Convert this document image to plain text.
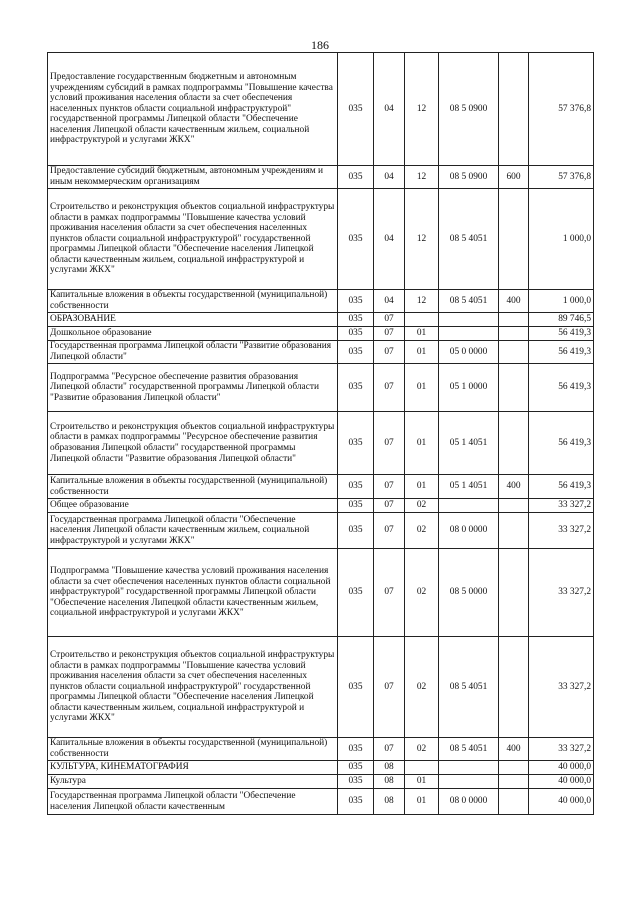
186
Предоставление государственным бюджетным и автономным учреждениям субсидий в рамках подпрограммы "Повышение качества условий проживания населения области за счет обеспечения населенных пунктов области социальной инфраструктурой" государственной программы Липецкой области "Обеспечение населения Липецкой области качественным жильем, социальной инфраструктурой и услугами ЖКХ"	035	04	12	08 5 0900		57 376,8
Предоставление субсидий бюджетным, автономным учреждениям и иным некоммерческим организациям	035	04	12	08 5 0900	600	57 376,8
Строительство и реконструкция объектов социальной инфраструктуры области в рамках подпрограммы "Повышение качества условий проживания населения области за счет обеспечения населенных пунктов области социальной инфраструктурой" государственной программы Липецкой области "Обеспечение населения Липецкой области качественным жильем, социальной инфраструктурой и услугами ЖКХ"	035	04	12	08 5 4051		1 000,0
Капитальные вложения в объекты государственной (муниципальной) собственности	035	04	12	08 5 4051	400	1 000,0
ОБРАЗОВАНИЕ	035	07				89 746,5
Дошкольное образование	035	07	01			56 419,3
Государственная программа Липецкой области "Развитие образования Липецкой области"	035	07	01	05 0 0000		56 419,3
Подпрограмма "Ресурсное обеспечение развития образования Липецкой области" государственной программы Липецкой области "Развитие образования Липецкой области"	035	07	01	05 1 0000		56 419,3
Строительство и реконструкция объектов социальной инфраструктуры области в рамках подпрограммы "Ресурсное обеспечение развития образования Липецкой области" государственной программы Липецкой области "Развитие образования Липецкой области"	035	07	01	05 1 4051		56 419,3
Капитальные вложения в объекты государственной (муниципальной) собственности	035	07	01	05 1 4051	400	56 419,3
Общее образование	035	07	02			33 327,2
Государственная программа Липецкой области "Обеспечение населения Липецкой области качественным жильем, социальной инфраструктурой и услугами ЖКХ"	035	07	02	08 0 0000		33 327,2
Подпрограмма "Повышение качества условий проживания населения области за счет обеспечения населенных пунктов области социальной инфраструктурой" государственной программы Липецкой области "Обеспечение населения Липецкой области качественным жильем, социальной инфраструктурой и услугами ЖКХ"	035	07	02	08 5 0000		33 327,2
Строительство и реконструкция объектов социальной инфраструктуры области в рамках подпрограммы "Повышение качества условий проживания населения области за счет обеспечения населенных пунктов области социальной инфраструктурой" государственной программы Липецкой области "Обеспечение населения Липецкой области качественным жильем, социальной инфраструктурой и услугами ЖКХ"	035	07	02	08 5 4051		33 327,2
Капитальные вложения в объекты государственной (муниципальной) собственности	035	07	02	08 5 4051	400	33 327,2
КУЛЬТУРА, КИНЕМАТОГРАФИЯ	035	08				40 000,0
Культура	035	08	01			40 000,0
Государственная программа Липецкой области "Обеспечение населения Липецкой области качественным	035	08	01	08 0 0000		40 000,0
